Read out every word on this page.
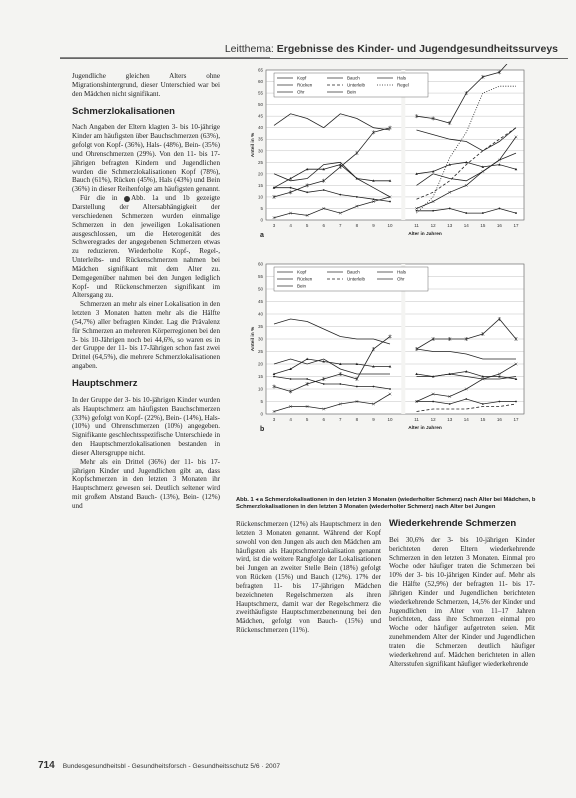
Leitthema: Ergebnisse des Kinder- und Jugendgesundheitssurveys

Jugendliche gleichen Alters ohne Migrationshintergrund, dieser Unterschied war bei den Mädchen nicht signifikant.

Schmerzlokalisationen

Nach Angaben der Eltern klagten 3- bis 10-jährige Kinder am häufigsten über Bauchschmerzen (63%), gefolgt von Kopf- (36%), Hals- (48%), Bein- (35%) und Ohrenschmerzen (29%). Von den 11- bis 17-jährigen befragten Kindern und Jugendlichen wurden die Schmerzlokalisationen Kopf (78%), Bauch (61%), Rücken (45%), Hals (43%) und Bein (36%) in dieser Reihenfolge am häufigsten genannt.

Für die in Abb. 1a und 1b gezeigte Darstellung der Altersabhängigkeit der verschiedenen Schmerzen wurden einmalige Schmerzen in den jeweiligen Lokalisationen ausgeschlossen, um die Heterogenität des Schweregrades der angegebenen Schmerzen etwas zu reduzieren. Wiederholte Kopf-, Regel-, Unterleibs- und Rückenschmerzen nahmen bei Mädchen signifikant mit dem Alter zu. Demgegenüber nahmen bei den Jungen lediglich Kopf- und Rückenschmerzen signifikant im Altersgang zu.

Schmerzen an mehr als einer Lokalisation in den letzten 3 Monaten hatten mehr als die Hälfte (54,7%) aller befragten Kinder. Lag die Prävalenz für Schmerzen an mehreren Körperregionen bei den 3- bis 10-Jährigen noch bei 44,6%, so waren es in der Gruppe der 11- bis 17-Jährigen schon fast zwei Drittel (64,5%), die mehrere Schmerzlokalisationen angaben.

Hauptschmerz

In der Gruppe der 3- bis 10-jährigen Kinder wurden als Hauptschmerz am häufigsten Bauchschmerzen (33%) gefolgt von Kopf- (22%), Bein- (14%), Hals- (10%) und Ohrenschmerzen (10%) angegeben. Signifikante geschlechtsspezifische Unterschiede in den Hauptschmerzlokalisationen bestanden in dieser Altersgruppe nicht.

Mehr als ein Drittel (36%) der 11- bis 17-jährigen Kinder und Jugendlichen gibt an, dass Kopfschmerzen in den letzten 3 Monaten ihr Hauptschmerz gewesen sei. Deutlich seltener wird mit großem Abstand Bauch- (13%), Bein- (12%) und

0
5
10
15
20
25
30
35
40
45
50
55
60
65
3	4	5	6	7	8	9	10	11	12	13	14	15	16	17
Alter in Jahren
Anteil in %
a
Kopf	Bauch	Hals
Rücken	Unterleib	Regel
Ohr	Bein
0
5
10
15
20
25
30
35
40
45
50
55
60
3	4	5	6	7	8	9	10	11	12	13	14	15	16	17
Alter in Jahren
Anteil in %
b
Kopf	Bauch	Hals
Rücken	Unterleib	Ohr
Bein
Abb. 1 ◂ a Schmerzlokalisationen in den letzten 3 Monaten (wiederholter Schmerz) nach Alter bei Mädchen, b Schmerzlokalisationen in den letzten 3 Monaten (wiederholter Schmerz) nach Alter bei Jungen

Rückenschmerzen (12%) als Hauptschmerz in den letzten 3 Monaten genannt. Während der Kopf sowohl von den Jungen als auch den Mädchen am häufigsten als Hauptschmerzlokalisation genannt wird, ist die weitere Rangfolge der Lokalisationen bei Jungen an zweiter Stelle Bein (18%) gefolgt von Rücken (15%) und Bauch (12%). 17% der befragten 11- bis 17-jährigen Mädchen bezeichneten Regelschmerzen als ihren Hauptschmerz, damit war der Regelschmerz die zweithäufigste Hauptschmerzbenennung bei den Mädchen, gefolgt von Bauch- (15%) und Rückenschmerzen (11%).

Wiederkehrende Schmerzen

Bei 30,6% der 3- bis 10-jährigen Kinder berichteten deren Eltern wiederkehrende Schmerzen in den letzten 3 Monaten. Einmal pro Woche oder häufiger traten die Schmerzen bei 10% der 3- bis 10-jährigen Kinder auf. Mehr als die Hälfte (52,9%) der befragten 11- bis 17-jährigen Kinder und Jugendlichen berichteten wiederkehrende Schmerzen, 14,5% der Kinder und Jugendlichen im Alter von 11–17 Jahren berichteten, dass ihre Schmerzen einmal pro Woche oder häufiger aufgetreten seien. Mit zunehmendem Alter der Kinder und Jugendlichen traten die Schmerzen deutlich häufiger wiederkehrend auf. Mädchen berichteten in allen Altersstufen signifikant häufiger wiederkehrende

714 Bundesgesundheitsbl - Gesundheitsforsch - Gesundheitsschutz 5/6 · 2007
